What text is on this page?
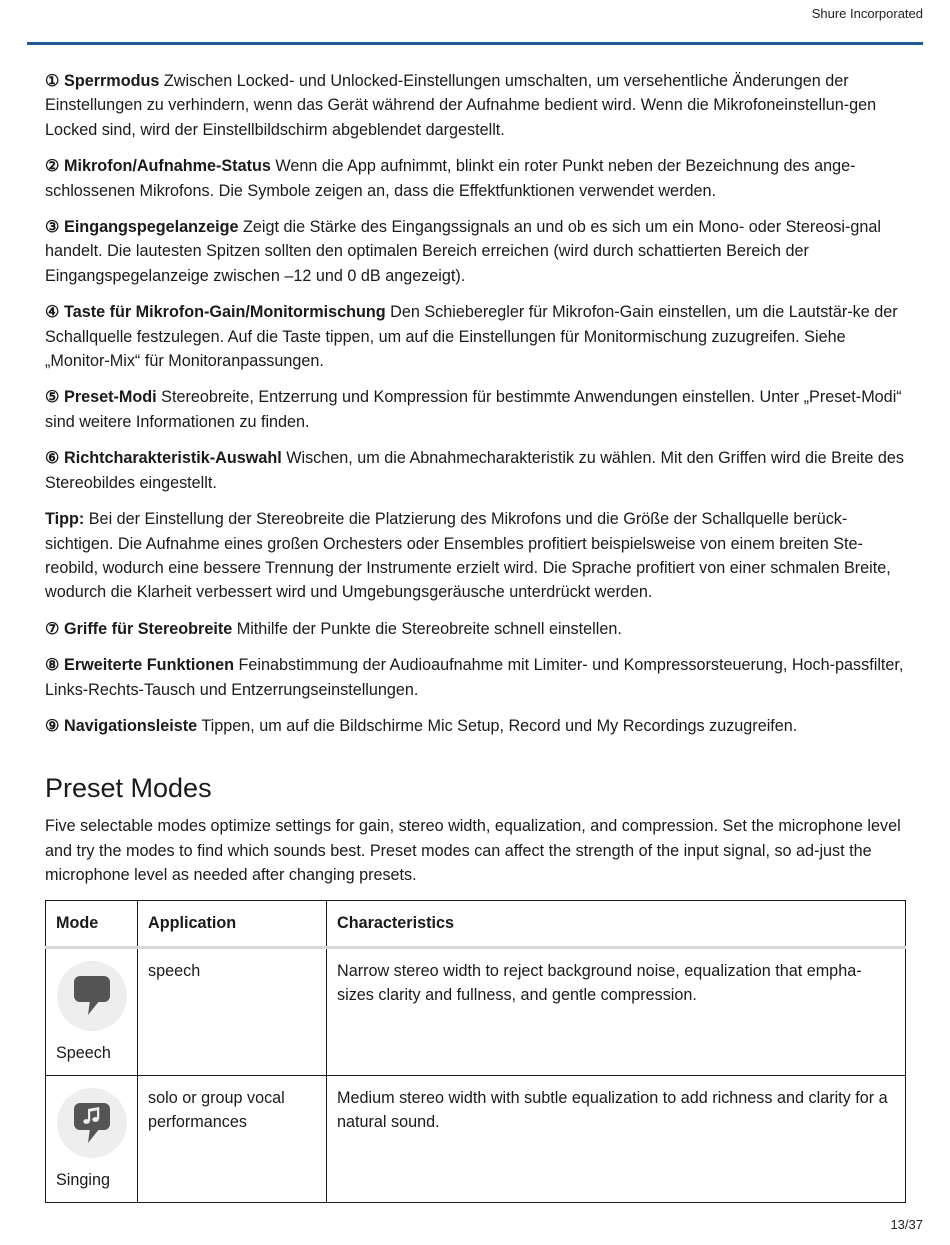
Shure Incorporated

① Sperrmodus Zwischen Locked- und Unlocked-Einstellungen umschalten, um versehentliche Änderungen der Einstellungen zu verhindern, wenn das Gerät während der Aufnahme bedient wird. Wenn die Mikrofoneinstellun-gen Locked sind, wird der Einstellbildschirm abgeblendet dargestellt.

② Mikrofon/Aufnahme-Status Wenn die App aufnimmt, blinkt ein roter Punkt neben der Bezeichnung des ange-schlossenen Mikrofons. Die Symbole zeigen an, dass die Effektfunktionen verwendet werden.

③ Eingangspegelanzeige Zeigt die Stärke des Eingangssignals an und ob es sich um ein Mono- oder Stereosi-gnal handelt. Die lautesten Spitzen sollten den optimalen Bereich erreichen (wird durch schattierten Bereich der Eingangspegelanzeige zwischen –12 und 0 dB angezeigt).

④ Taste für Mikrofon-Gain/Monitormischung Den Schieberegler für Mikrofon-Gain einstellen, um die Lautstär-ke der Schallquelle festzulegen. Auf die Taste tippen, um auf die Einstellungen für Monitormischung zuzugreifen. Siehe „Monitor-Mix“ für Monitoranpassungen.

⑤ Preset-Modi Stereobreite, Entzerrung und Kompression für bestimmte Anwendungen einstellen. Unter „Preset-Modi“ sind weitere Informationen zu finden.

⑥ Richtcharakteristik-Auswahl Wischen, um die Abnahmecharakteristik zu wählen. Mit den Griffen wird die Breite des Stereobildes eingestellt.

Tipp: Bei der Einstellung der Stereobreite die Platzierung des Mikrofons und die Größe der Schallquelle berück-sichtigen. Die Aufnahme eines großen Orchesters oder Ensembles profitiert beispielsweise von einem breiten Ste-reobild, wodurch eine bessere Trennung der Instrumente erzielt wird. Die Sprache profitiert von einer schmalen Breite, wodurch die Klarheit verbessert wird und Umgebungsgeräusche unterdrückt werden.

⑦ Griffe für Stereobreite Mithilfe der Punkte die Stereobreite schnell einstellen.

⑧ Erweiterte Funktionen Feinabstimmung der Audioaufnahme mit Limiter- und Kompressorsteuerung, Hoch-passfilter, Links-Rechts-Tausch und Entzerrungseinstellungen.

⑨ Navigationsleiste Tippen, um auf die Bildschirme Mic Setup, Record und My Recordings zuzugreifen.

Preset Modes

Five selectable modes optimize settings for gain, stereo width, equalization, and compression. Set the microphone level and try the modes to find which sounds best. Preset modes can affect the strength of the input signal, so ad-just the microphone level as needed after changing presets.

Mode	Application	Characteristics

Speech	speech	Narrow stereo width to reject background noise, equalization that empha-sizes clarity and fullness, and gentle compression.

Singing	solo or group vocal performances	Medium stereo width with subtle equalization to add richness and clarity for a natural sound.
13/37
